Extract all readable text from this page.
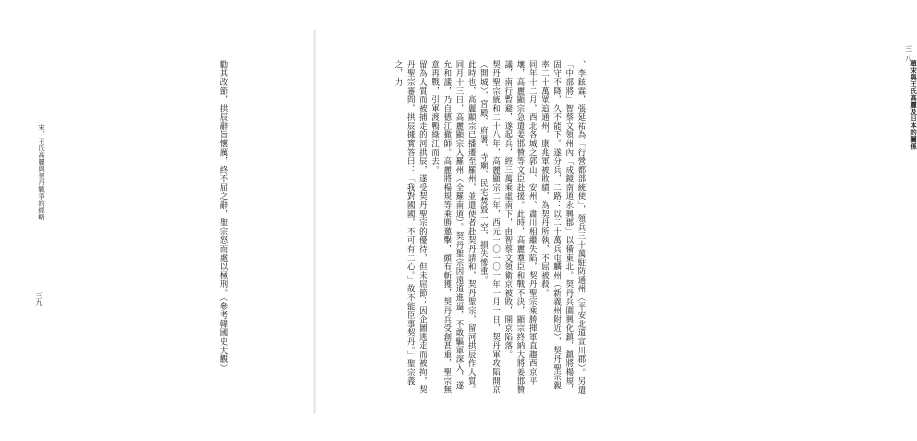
宋、王氏高麗與契丹戰爭的經略
三九	勸其改節，拱辰辭旨懷厲，終不屈之辭，聖宗怒而處以極刑。（參考韓國史大觀）	趙宋與王氏高麗及日本的關係
三八
、李鉉霖，張延祐為「行營都部統使」，領兵三十萬駐防通州（平安北道宣川郡）。另遣「中部將」智蔡文領州內「成鏡南道永興郡」以備東北。契丹兵圍興化鎮，鎮將楊規，固守不降，久不能下。遂分兵，二路：以二十萬兵屯麟州（新義州附近），契丹聖宗親率二十萬眾追通州，康兆軍被敗績，為契丹所執，不屈被殺。
同年十二月，西北各城之郭山、安州、肅川相繼失陷，契丹聖宗乘勝揮軍直趨西京平壤，高麗顯宗急遣姜邯贊等文臣赴援。此時，高麗羣臣和戰不決，顯宗終納大將姜邯贊議，南行暫避，遂起兵，經三萬乘虛南下，由智蔡文領衛京被敗，開京陷落。
契丹聖宗統和二十八年，高麗顯宗二年，西元一〇一〇一年一月一日，契丹軍攻陷開京（開城），宮殿、府署、寺廟、民宅焚毀一空，損失慘重。
此時也，高麗顯宗已播遷至羅州，並遣使者赴契丹請和，契丹聖宗，留河拱辰作人質。
同月十三日，高麗顯宗入羅州（全羅南道）。契丹聖宗因遠道進逼，不敢驅軍深入，遂允和議，乃自德江撤師。高麗將楊規等乘勝邀擊，頗有斬獲，契丹兵受創甚重，聖宗無意再戰，引軍渡鴨綠江而去。
留為人質而被捕走的河拱辰，遂受契丹聖宗的優待，但未屈節；因企圖逃走而被拘，契丹聖宗審問，拱辰據實答曰：「我對國國，不可有二心。」故不能臣事契丹。」聖宗義之，力
